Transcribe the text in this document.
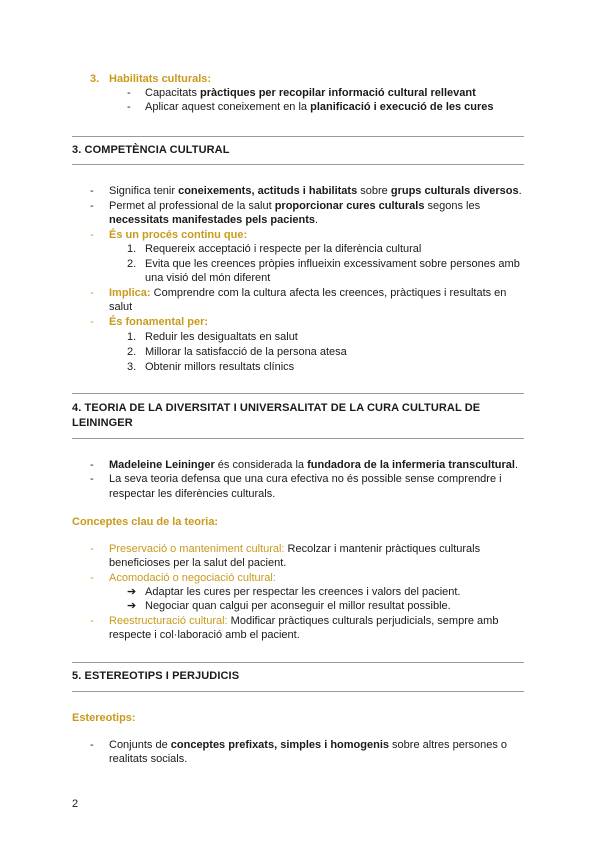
3. Habilitats culturals:
- Capacitats pràctiques per recopilar informació cultural rellevant
- Aplicar aquest coneixement en la planificació i execució de les cures
3. COMPETÈNCIA CULTURAL
- Significa tenir coneixements, actituds i habilitats sobre grups culturals diversos.
- Permet al professional de la salut proporcionar cures culturals segons les
necessitats manifestades pels pacients.
- És un procés continu que:
1. Requereix acceptació i respecte per la diferència cultural
2. Evita que les creences pròpies influeixin excessivament sobre persones amb
una visió del món diferent
- Implica: Comprendre com la cultura afecta les creences, pràctiques i resultats en
salut
- És fonamental per:
1. Reduir les desigualtats en salut
2. Millorar la satisfacció de la persona atesa
3. Obtenir millors resultats clínics
4. TEORIA DE LA DIVERSITAT I UNIVERSALITAT DE LA CURA CULTURAL DE
LEININGER
- Madeleine Leininger és considerada la fundadora de la infermeria transcultural.
- La seva teoria defensa que una cura efectiva no és possible sense comprendre i
respectar les diferències culturals.
Conceptes clau de la teoria:
- Preservació o manteniment cultural: Recolzar i mantenir pràctiques culturals
beneficioses per la salut del pacient.
- Acomodació o negociació cultural:
➔ Adaptar les cures per respectar les creences i valors del pacient.
➔ Negociar quan calgui per aconseguir el millor resultat possible.
- Reestructuració cultural: Modificar pràctiques culturals perjudicials, sempre amb
respecte i col·laboració amb el pacient.
5. ESTEREOTIPS I PERJUDICIS
Estereotips:
- Conjunts de conceptes prefixats, simples i homogenis sobre altres persones o
realitats socials.
2
